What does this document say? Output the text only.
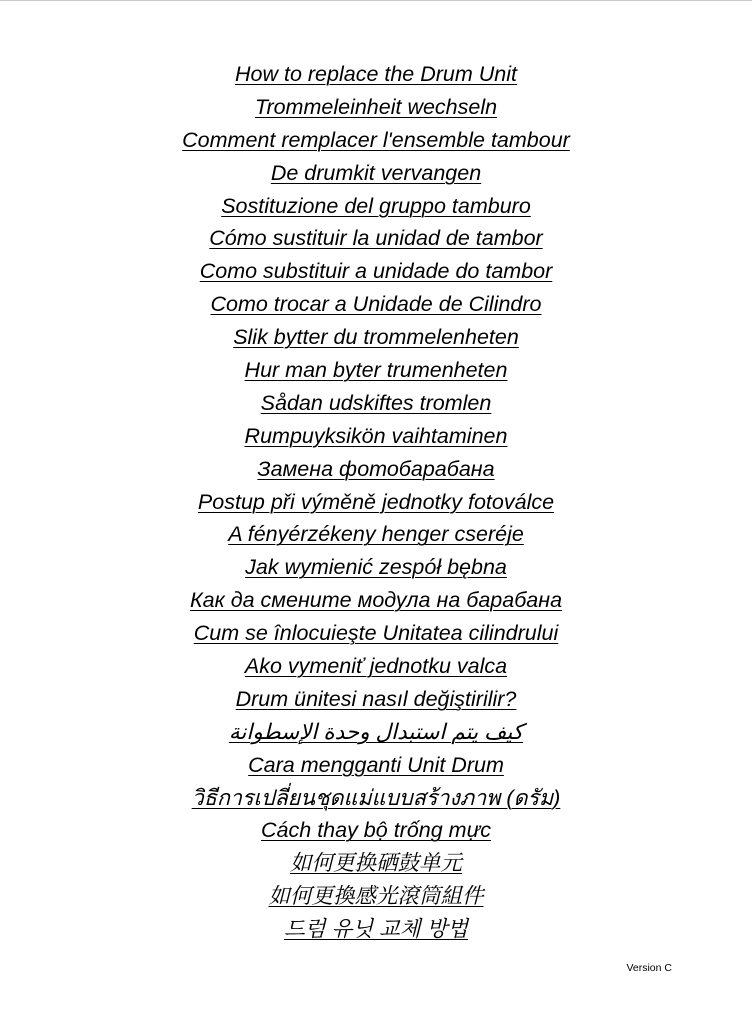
How to replace the Drum Unit
Trommeleinheit wechseln
Comment remplacer l'ensemble tambour
De drumkit vervangen
Sostituzione del gruppo tamburo
Cómo sustituir la unidad de tambor
Como substituir a unidade do tambor
Como trocar a Unidade de Cilindro
Slik bytter du trommelenheten
Hur man byter trumenheten
Sådan udskiftes tromlen
Rumpuyksikön vaihtaminen
Замена фотобарабана
Postup při výměně jednotky fotoválce
A fényérzékeny henger cseréje
Jak wymienić zespół bębna
Как да смените модула на барабана
Cum se înlocuieşte Unitatea cilindrului
Ako vymeniť jednotku valca
Drum ünitesi nasıl değiştirilir?
كيف يتم استبدال وحدة الإسطوانة
Cara mengganti Unit Drum
วิธีการเปลี่ยนชุดแม่แบบสร้างภาพ (ดรัม)
Cách thay bộ trống mực
如何更换硒鼓单元
如何更換感光滾筒組件
드럼 유닛 교체 방법
Version C
